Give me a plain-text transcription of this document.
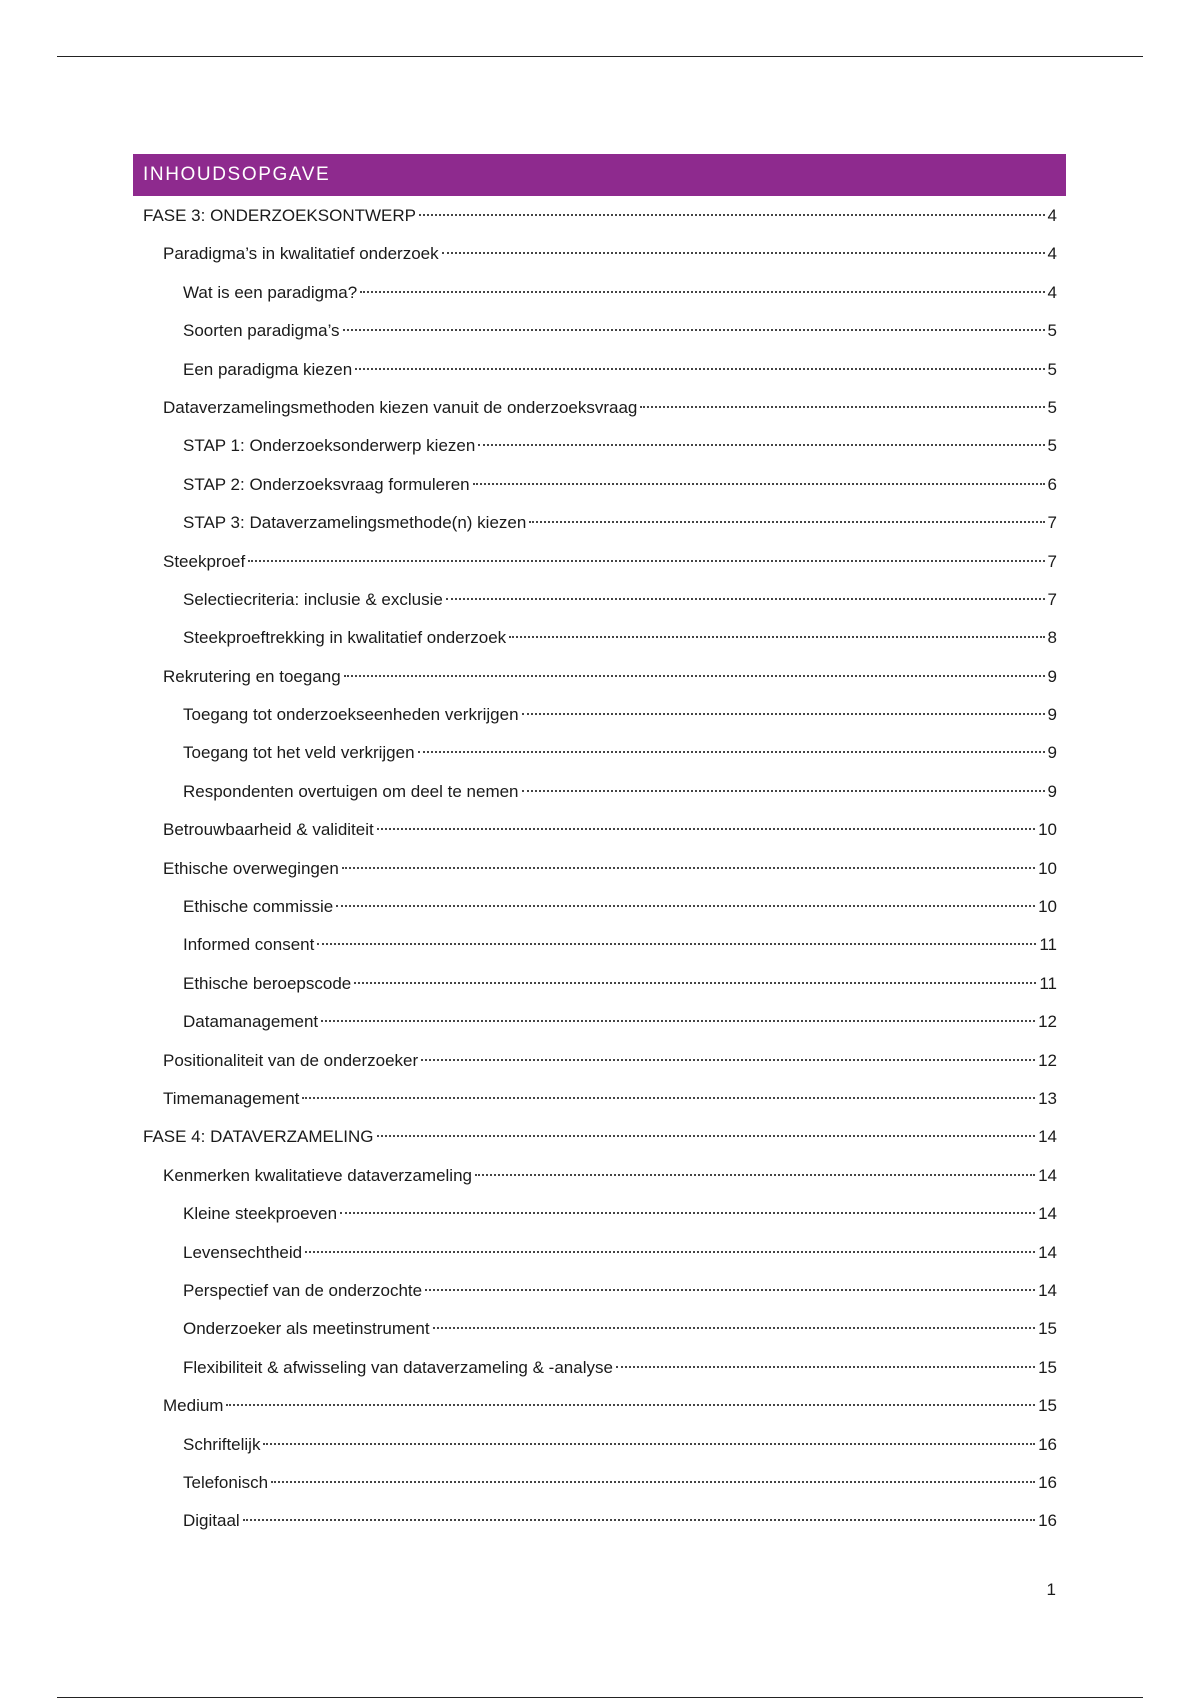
INHOUDSOPGAVE
FASE 3: ONDERZOEKSONTWERP	4
Paradigma’s in kwalitatief onderzoek	4
Wat is een paradigma?	4
Soorten paradigma’s	5
Een paradigma kiezen	5
Dataverzamelingsmethoden kiezen vanuit de onderzoeksvraag	5
STAP 1: Onderzoeksonderwerp kiezen	5
STAP 2: Onderzoeksvraag formuleren	6
STAP 3: Dataverzamelingsmethode(n) kiezen	7
Steekproef	7
Selectiecriteria: inclusie & exclusie	7
Steekproeftrekking in kwalitatief onderzoek	8
Rekrutering en toegang	9
Toegang tot onderzoekseenheden verkrijgen	9
Toegang tot het veld verkrijgen	9
Respondenten overtuigen om deel te nemen	9
Betrouwbaarheid & validiteit	10
Ethische overwegingen	10
Ethische commissie	10
Informed consent	11
Ethische beroepscode	11
Datamanagement	12
Positionaliteit van de onderzoeker	12
Timemanagement	13
FASE 4: DATAVERZAMELING	14
Kenmerken kwalitatieve dataverzameling	14
Kleine steekproeven	14
Levensechtheid	14
Perspectief van de onderzochte	14
Onderzoeker als meetinstrument	15
Flexibiliteit & afwisseling van dataverzameling & -analyse	15
Medium	15
Schriftelijk	16
Telefonisch	16
Digitaal	16
1
